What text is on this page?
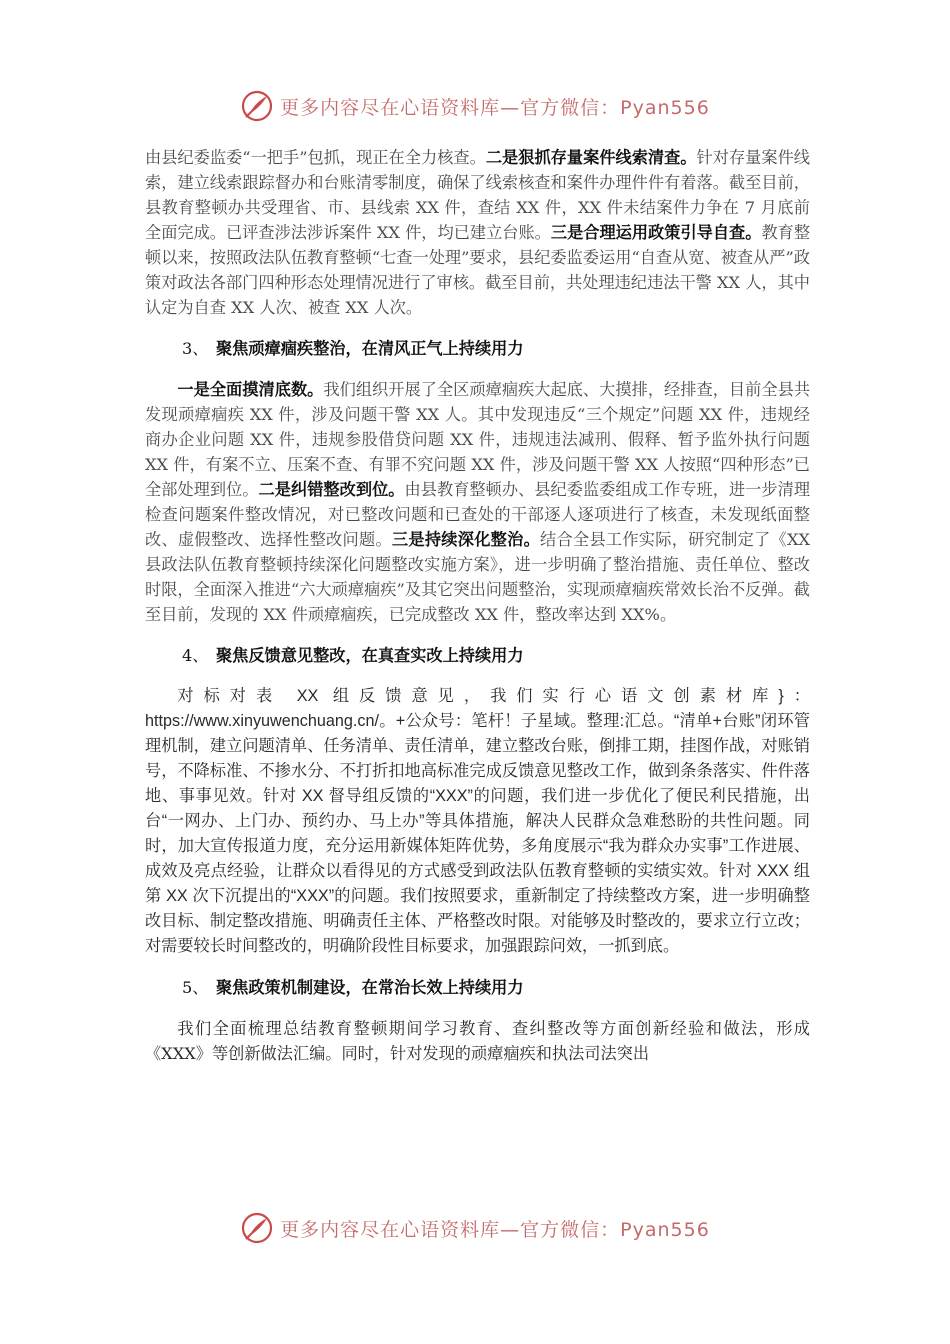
更多内容尽在心语资料库—官方微信：Pyan556

由县纪委监委“一把手”包抓，现正在全力核查。二是狠抓存量案件线索清查。针对存量案件线索，建立线索跟踪督办和台账清零制度，确保了线索核查和案件办理件件有着落。截至目前，县教育整顿办共受理省、市、县线索 XX 件，查结 XX 件，XX 件未结案件力争在 7 月底前全面完成。已评查涉法涉诉案件 XX 件，均已建立台账。三是合理运用政策引导自查。教育整顿以来，按照政法队伍教育整顿“七查一处理”要求，县纪委监委运用“自查从宽、被查从严”政策对政法各部门四种形态处理情况进行了审核。截至目前，共处理违纪违法干警 XX 人，其中认定为自查 XX 人次、被查 XX 人次。

3、 聚焦顽瘴痼疾整治，在清风正气上持续用力

一是全面摸清底数。我们组织开展了全区顽瘴痼疾大起底、大摸排，经排查，目前全县共发现顽瘴痼疾 XX 件，涉及问题干警 XX 人。其中发现违反“三个规定”问题 XX 件，违规经商办企业问题 XX 件，违规参股借贷问题 XX 件，违规违法减刑、假释、暂予监外执行问题 XX 件，有案不立、压案不查、有罪不究问题 XX 件，涉及问题干警 XX 人按照“四种形态”已全部处理到位。二是纠错整改到位。由县教育整顿办、县纪委监委组成工作专班，进一步清理检查问题案件整改情况，对已整改问题和已查处的干部逐人逐项进行了核查，未发现纸面整改、虚假整改、选择性整改问题。三是持续深化整治。结合全县工作实际，研究制定了《XX 县政法队伍教育整顿持续深化问题整改实施方案》，进一步明确了整治措施、责任单位、整改时限，全面深入推进“六大顽瘴痼疾”及其它突出问题整治，实现顽瘴痼疾常效长治不反弹。截至目前，发现的 XX 件顽瘴痼疾，已完成整改 XX 件，整改率达到 XX%。

4、 聚焦反馈意见整改，在真查实改上持续用力

对标对表 XX 组反馈意见，我们实行心语文创素材库}：https://www.xinyuwenchuang.cn/。+公众号：笔杆！子星域。整理:汇总。“清单+台账”闭环管理机制，建立问题清单、任务清单、责任清单，建立整改台账，倒排工期，挂图作战，对账销号，不降标准、不掺水分、不打折扣地高标准完成反馈意见整改工作，做到条条落实、件件落地、事事见效。针对 XX 督导组反馈的“XXX”的问题，我们进一步优化了便民利民措施，出台“一网办、上门办、预约办、马上办”等具体措施，解决人民群众急难愁盼的共性问题。同时，加大宣传报道力度，充分运用新媒体矩阵优势，多角度展示“我为群众办实事”工作进展、成效及亮点经验，让群众以看得见的方式感受到政法队伍教育整顿的实绩实效。针对 XXX 组第 XX 次下沉提出的“XXX”的问题。我们按照要求，重新制定了持续整改方案，进一步明确整改目标、制定整改措施、明确责任主体、严格整改时限。对能够及时整改的，要求立行立改；对需要较长时间整改的，明确阶段性目标要求，加强跟踪问效，一抓到底。

5、 聚焦政策机制建设，在常治长效上持续用力

我们全面梳理总结教育整顿期间学习教育、查纠整改等方面创新经验和做法，形成《XXX》等创新做法汇编。同时，针对发现的顽瘴痼疾和执法司法突出

更多内容尽在心语资料库—官方微信：Pyan556
